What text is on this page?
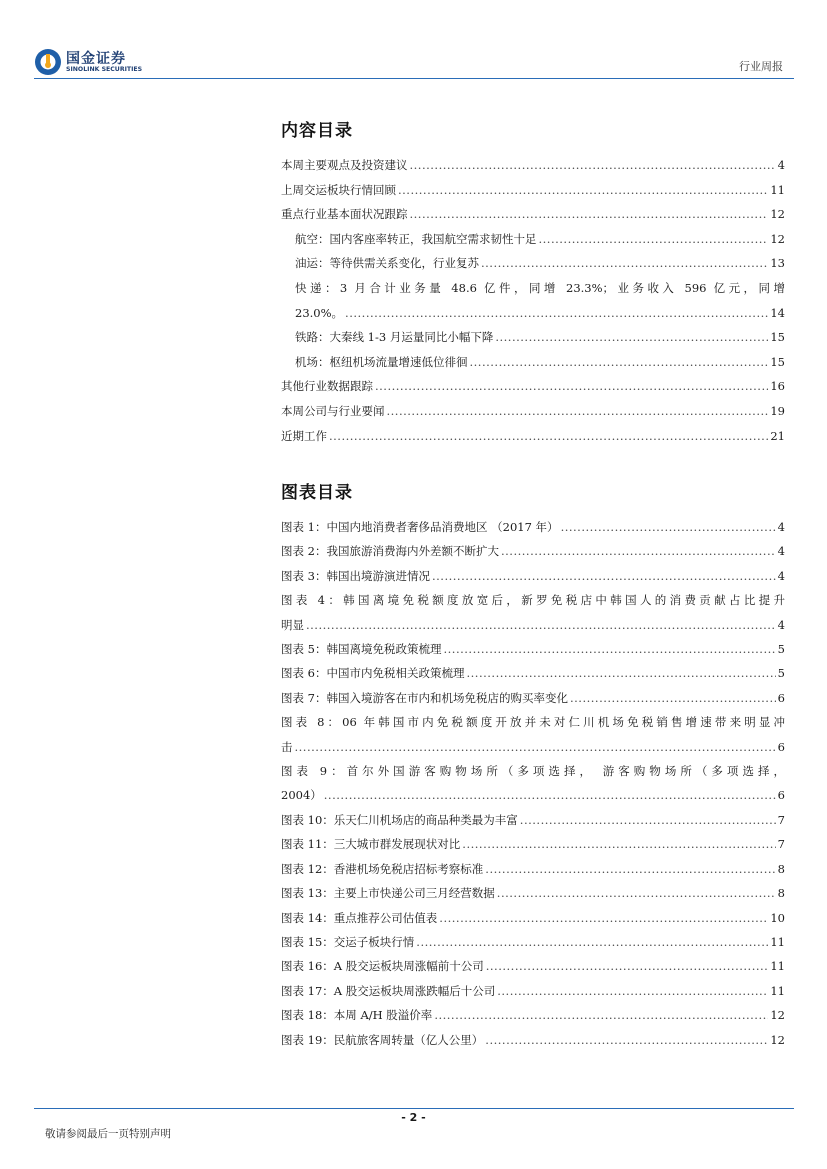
国金证券
SINOLINK SECURITIES	行业周报
内容目录
本周主要观点及投资建议 .....	4
上周交运板块行情回顾 .....	11
重点行业基本面状况跟踪 .....	12
航空：国内客座率转正，我国航空需求韧性十足 .....	12
油运：等待供需关系变化，行业复苏 .....	13
快递：3 月合计业务量 48.6 亿件，同增 23.3%；业务收入 596 亿元，同增
23.0%。 .....	14
铁路：大秦线 1-3 月运量同比小幅下降 .....	15
机场：枢纽机场流量增速低位徘徊 .....	15
其他行业数据跟踪 .....	16
本周公司与行业要闻 .....	19
近期工作 .....	21
图表目录
图表 1：中国内地消费者奢侈品消费地区 （2017 年） .....	4
图表 2：我国旅游消费海内外差额不断扩大 .....	4
图表 3：韩国出境游演进情况 .....	4
图表 4：韩国离境免税额度放宽后，新罗免税店中韩国人的消费贡献占比提升
明显 .....	4
图表 5：韩国离境免税政策梳理 .....	5
图表 6：中国市内免税相关政策梳理 .....	5
图表 7：韩国入境游客在市内和机场免税店的购买率变化 .....	6
图表 8：06 年韩国市内免税额度开放并未对仁川机场免税销售增速带来明显冲
击 .....	6
图表 9：首尔外国游客购物场所（多项选择， 游客购物场所（多项选择，
2004） .....	6
图表 10：乐天仁川机场店的商品种类最为丰富 .....	7
图表 11：三大城市群发展现状对比 .....	7
图表 12：香港机场免税店招标考察标准 .....	8
图表 13：主要上市快递公司三月经营数据 .....	8
图表 14：重点推荐公司估值表 .....	10
图表 15：交运子板块行情 .....	11
图表 16：A 股交运板块周涨幅前十公司 .....	11
图表 17：A 股交运板块周涨跌幅后十公司 .....	11
图表 18：本周 A/H 股溢价率 .....	12
图表 19：民航旅客周转量（亿人公里） .....	12
- 2 -
敬请参阅最后一页特别声明
